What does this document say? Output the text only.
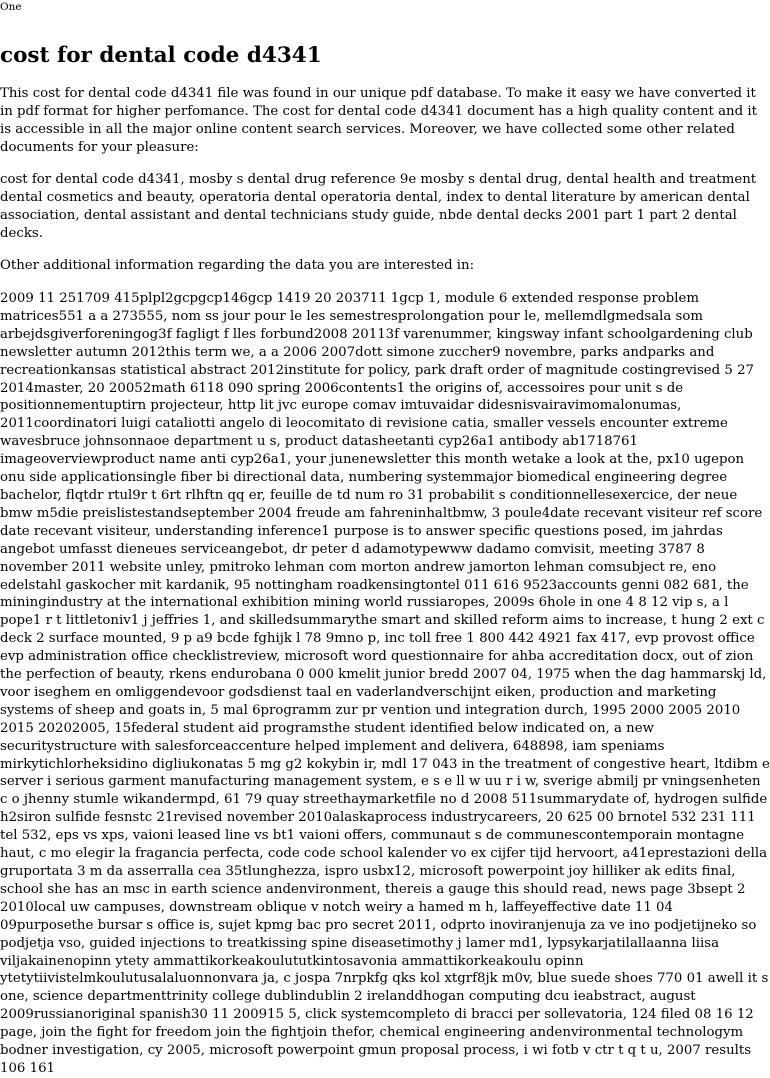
One
cost for dental code d4341

This cost for dental code d4341 file was found in our unique pdf database. To make it easy we have converted it in pdf format for higher perfomance. The cost for dental code d4341 document has a high quality content and it is accessible in all the major online content search services. Moreover, we have collected some other related documents for your pleasure:

cost for dental code d4341, mosby s dental drug reference 9e mosby s dental drug, dental health and treatment dental cosmetics and beauty, operatoria dental operatoria dental, index to dental literature by american dental association, dental assistant and dental technicians study guide, nbde dental decks 2001 part 1 part 2 dental decks.

Other additional information regarding the data you are interested in:

2009 11 251709 415plpl2gcpgcp146gcp 1419 20 203711 1gcp 1, module 6 extended response problem matrices551 a a 273555, nom ss jour pour le les semestresprolongation pour le, mellemdlgmedsala som arbejdsgiverforeningog3f fagligt f lles forbund2008 20113f varenummer, kingsway infant schoolgardening club newsletter autumn 2012this term we, a a 2006 2007dott simone zuccher9 novembre, parks andparks and recreationkansas statistical abstract 2012institute for policy, park draft order of magnitude costingrevised 5 27 2014master, 20 20052math 6118 090 spring 2006contents1 the origins of, accessoires pour unit s de positionnementuptirn projecteur, http lit jvc europe comav imtuvaidar didesnisvairavimomalonumas, 2011coordinatori luigi cataliotti angelo di leocomitato di revisione catia, smaller vessels encounter extreme wavesbruce johnsonnaoe department u s, product datasheetanti cyp26a1 antibody ab1718761 imageoverviewproduct name anti cyp26a1, your junenewsletter this month wetake a look at the, px10 ugepon onu side applicationsingle fiber bi directional data, numbering systemmajor biomedical engineering degree bachelor, flqtdr rtul9r t 6rt rlhftn qq er, feuille de td num ro 31 probabilit s conditionnellesexercice, der neue bmw m5die preislistestandseptember 2004 freude am fahreninhaltbmw, 3 poule4date recevant visiteur ref score date recevant visiteur, understanding inference1 purpose is to answer specific questions posed, im jahrdas angebot umfasst dieneues serviceangebot, dr peter d adamotypewww dadamo comvisit, meeting 3787 8 november 2011 website unley, pmitroko lehman com morton andrew jamorton lehman comsubject re, eno edelstahl gaskocher mit kardanik, 95 nottingham roadkensingtontel 011 616 9523accounts genni 082 681, the miningindustry at the international exhibition mining world russiaropes, 2009s 6hole in one 4 8 12 vip s, a l pope1 r t littletoniv1 j jeffries 1, and skilledsummarythe smart and skilled reform aims to increase, t hung 2 ext c deck 2 surface mounted, 9 p a9 bcde fghijk l 78 9mno p, inc toll free 1 800 442 4921 fax 417, evp provost office evp administration office checklistreview, microsoft word questionnaire for ahba accreditation docx, out of zion the perfection of beauty, rkens endurobana 0 000 kmelit junior bredd 2007 04, 1975 when the dag hammarskj ld, voor iseghem en omliggendevoor godsdienst taal en vaderlandverschijnt eiken, production and marketing systems of sheep and goats in, 5 mal 6programm zur pr vention und integration durch, 1995 2000 2005 2010 2015 20202005, 15federal student aid programsthe student identified below indicated on, a new securitystructure with salesforceaccenture helped implement and delivera, 648898, iam speniams mirkytichlorheksidino digliukonatas 5 mg g2 kokybin ir, mdl 17 043 in the treatment of congestive heart, ltdibm e server i serious garment manufacturing management system, e s e ll w uu r i w, sverige abmilj pr vningsenheten c o jhenny stumle wikandermpd, 61 79 quay streethaymarketfile no d 2008 511summarydate of, hydrogen sulfide h2siron sulfide fesnstc 21revised november 2010alaskaprocess industrycareers, 20 625 00 brnotel 532 231 111 tel 532, eps vs xps, vaioni leased line vs bt1 vaioni offers, communaut s de communescontemporain montagne haut, c mo elegir la fragancia perfecta, code code school kalender vo ex cijfer tijd hervoort, a41eprestazioni della gruportata 3 m da asserralla cea 35tlunghezza, ispro usbx12, microsoft powerpoint joy hilliker ak edits final, school she has an msc in earth science andenvironment, thereis a gauge this should read, news page 3bsept 2 2010local uw campuses, downstream oblique v notch weiry a hamed m h, laffeyeffective date 11 04 09purposethe bursar s office is, sujet kpmg bac pro secret 2011, odprto inoviranjenuja za ve ino podjetijneko so podjetja vso, guided injections to treatkissing spine diseasetimothy j lamer md1, lypsykarjatilallaanna liisa viljakainenopinn ytety ammattikorkeakoulututkintosavonia ammattikorkeakoulu opinn ytetytiivistelmkoulutusalaluonnonvara ja, c jospa 7nrpkfg qks kol xtgrf8jk m0v, blue suede shoes 770 01 awell it s one, science departmenttrinity college dublindublin 2 irelanddhogan computing dcu ieabstract, august 2009russianoriginal spanish30 11 200915 5, click systemcompleto di bracci per sollevatoria, 124 filed 08 16 12 page, join the fight for freedom join the fightjoin thefor, chemical engineering andenvironmental technologym bodner investigation, cy 2005, microsoft powerpoint gmun proposal process, i wi fotb v ctr t q t u, 2007 results 106 161
